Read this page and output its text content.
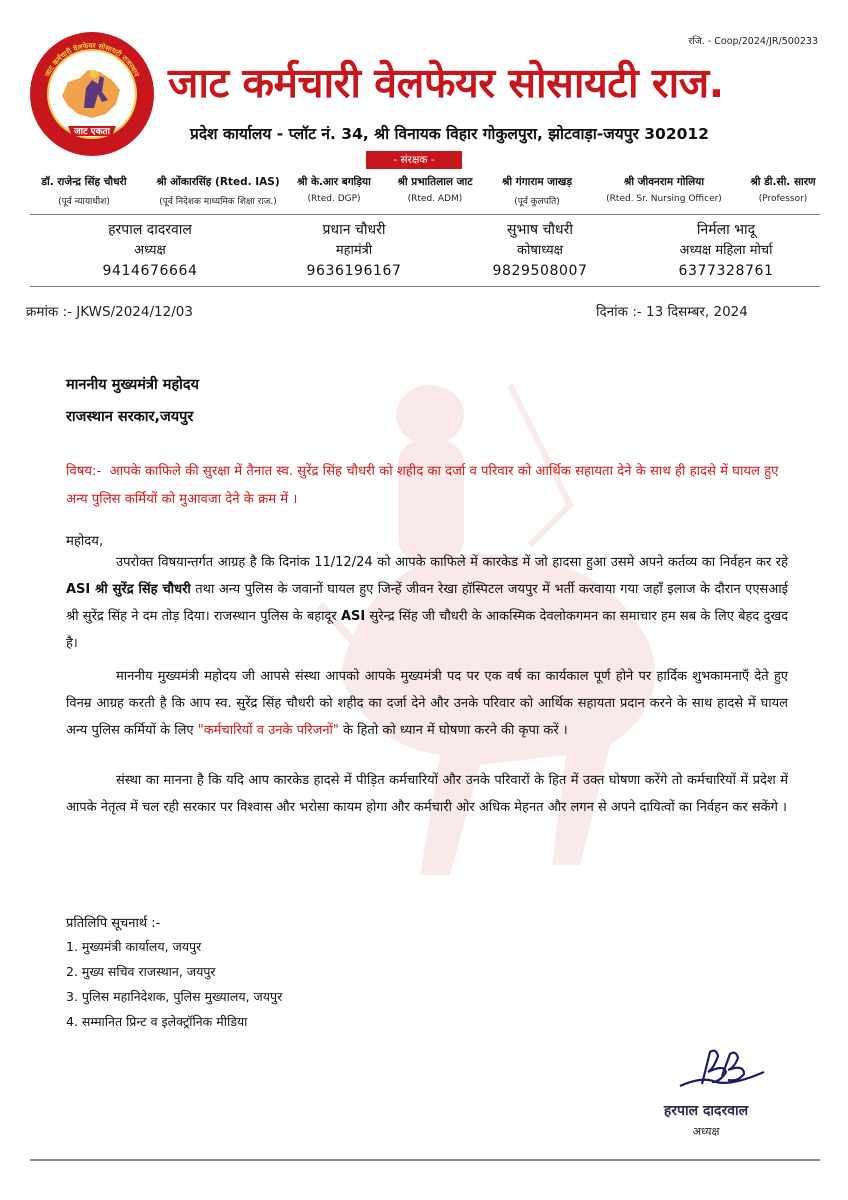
रजि. - Coop/2024/JR/500233
जाट एकता
जाट कर्मचारी वेलफेयर सोसायटी राजस्थान जाट कर्मचारी वेलफेयर सोसायटी राज.
प्रदेश कार्यालय - प्लॉट नं. 34, श्री विनायक विहार गोकुलपुरा, झोटवाड़ा-जयपुर 302012
- संरक्षक -
डॉ. राजेन्द्र सिंह चौधरी
(पूर्व न्यायाधीश)
श्री ओंकारसिंह (Rted. IAS)
(पूर्व निदेशक माध्यमिक शिक्षा राज.)
श्री के.आर बगड़िया
(Rted. DGP)
श्री प्रभातिलाल जाट
(Rted. ADM)
श्री गंगाराम जाखड़
(पूर्व कुलपति)
श्री जीवनराम गोलिया
(Rted. Sr. Nursing Officer)
श्री डी.सी. सारण
(Professor)
हरपाल दादरवाल
अध्यक्ष
9414676664
प्रधान चौधरी
महामंत्री
9636196167
सुभाष चौधरी
कोषाध्यक्ष
9829508007
निर्मला भादू
अध्यक्ष महिला मोर्चा
6377328761
क्रमांक :- JKWS/2024/12/03	दिनांक :- 13 दिसम्बर, 2024
माननीय मुख्यमंत्री महोदय
राजस्थान सरकार,जयपुर
विषय:- आपके काफिले की सुरक्षा में तैनात स्व. सुरेंद्र सिंह चौधरी को शहीद का दर्जा व परिवार को आर्थिक सहायता देने के साथ ही हादसे में घायल हुए अन्य पुलिस कर्मियों को मुआवजा देने के क्रम में ।
महोदय,
उपरोक्त विषयान्तर्गत आग्रह है कि दिनांक 11/12/24 को आपके काफिले में कारकेड में जो हादसा हुआ उसमे अपने कर्तव्य का निर्वहन कर रहे ASI श्री सुरेंद्र सिंह चौधरी तथा अन्य पुलिस के जवानों घायल हुए जिन्हें जीवन रेखा हॉस्पिटल जयपुर में भर्ती करवाया गया जहाँ इलाज के दौरान एएसआई श्री सुरेंद्र सिंह ने दम तोड़ दिया। राजस्थान पुलिस के बहादूर ASI सुरेन्द्र सिंह जी चौधरी के आकस्मिक देवलोकगमन का समाचार हम सब के लिए बेहद दुखद है।
माननीय मुख्यमंत्री महोदय जी आपसे संस्था आपको आपके मुख्यमंत्री पद पर एक वर्ष का कार्यकाल पूर्ण होने पर हार्दिक शुभकामनाएँ देते हुए विनम्र आग्रह करती है कि आप स्व. सुरेंद्र सिंह चौधरी को शहीद का दर्जा देने और उनके परिवार को आर्थिक सहायता प्रदान करने के साथ हादसे में घायल अन्य पुलिस कर्मियों के लिए "कर्मचारियों व उनके परिजनों" के हितो को ध्यान में घोषणा करने की कृपा करें ।
संस्था का मानना है कि यदि आप कारकेड हादसे में पीड़ित कर्मचारियों और उनके परिवारों के हित में उक्त घोषणा करेंगे तो कर्मचारियों में प्रदेश में आपके नेतृत्व में चल रही सरकार पर विश्वास और भरोसा कायम होगा और कर्मचारी ओर अधिक मेहनत और लगन से अपने दायित्वों का निर्वहन कर सकेंगे ।
प्रतिलिपि सूचनार्थ :-
1. मुख्यमंत्री कार्यालय, जयपुर
2. मुख्य सचिव राजस्थान, जयपुर
3. पुलिस महानिदेशक, पुलिस मुख्यालय, जयपुर
4. सम्मानित प्रिन्ट व इलेक्ट्रॉनिक मीडिया
हरपाल दादरवाल
अध्यक्ष
